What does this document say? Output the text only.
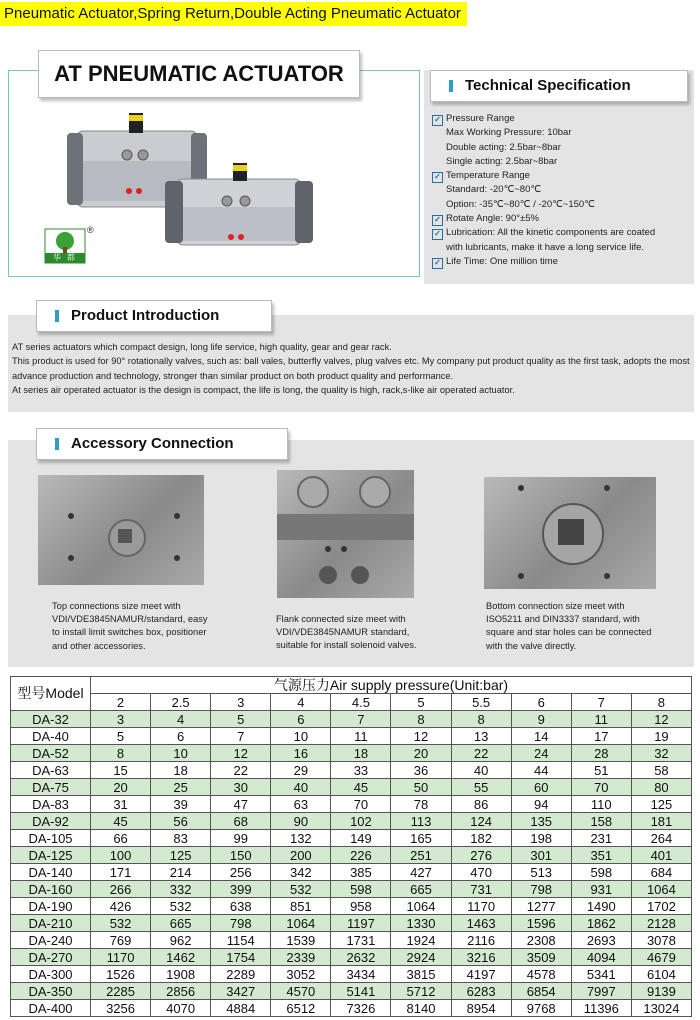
Pneumatic Actuator,Spring Return,Double Acting Pneumatic Actuator
华都
®
AT PNEUMATIC ACTUATOR	Technical Specification
✓ Pressure Range
Max Working Pressure: 10bar
Double acting: 2.5bar~8bar
Single acting: 2.5bar~8bar
✓ Temperature Range
Standard: -20℃~80℃
Option: -35℃~80℃ / -20℃~150℃
✓ Rotate Angle: 90°±5%
✓ Lubrication: All the kinetic components are coated
with lubricants, make it have a long service life.
✓ Life Time: One million time
Product Introduction
AT series actuators which compact design, long life service, high quality, gear and gear rack.
This product is used for 90° rotationally valves, such as: ball vales, butterfly valves, plug valves etc. My company put product quality as the first task, adopts the most advance production and technology, stronger than similar product on both product quality and performance.
At series air operated actuator is the design is compact, the life is long, the quality is high, rack,s-like air operated actuator.
Accessory Connection
Top connections size meet with VDI/VDE3845NAMUR/standard, easy to install limit switches box, positioner and other accessories.
Flank connected size meet with VDI/VDE3845NAMUR standard, suitable for install solenoid valves.
Bottom connection size meet with ISO5211 and DIN3337 standard, with square and star holes can be connected with the valve directly.
型号Model	气源压力Air supply pressure(Unit:bar)									
	2	2.5	3	4	4.5	5	5.5	6	7	8
DA-32	3	4	5	6	7	8	8	9	11	12
DA-40	5	6	7	10	11	12	13	14	17	19
DA-52	8	10	12	16	18	20	22	24	28	32
DA-63	15	18	22	29	33	36	40	44	51	58
DA-75	20	25	30	40	45	50	55	60	70	80
DA-83	31	39	47	63	70	78	86	94	110	125
DA-92	45	56	68	90	102	113	124	135	158	181
DA-105	66	83	99	132	149	165	182	198	231	264
DA-125	100	125	150	200	226	251	276	301	351	401
DA-140	171	214	256	342	385	427	470	513	598	684
DA-160	266	332	399	532	598	665	731	798	931	1064
DA-190	426	532	638	851	958	1064	1170	1277	1490	1702
DA-210	532	665	798	1064	1197	1330	1463	1596	1862	2128
DA-240	769	962	1154	1539	1731	1924	2116	2308	2693	3078
DA-270	1170	1462	1754	2339	2632	2924	3216	3509	4094	4679
DA-300	1526	1908	2289	3052	3434	3815	4197	4578	5341	6104
DA-350	2285	2856	3427	4570	5141	5712	6283	6854	7997	9139
DA-400	3256	4070	4884	6512	7326	8140	8954	9768	11396	13024
